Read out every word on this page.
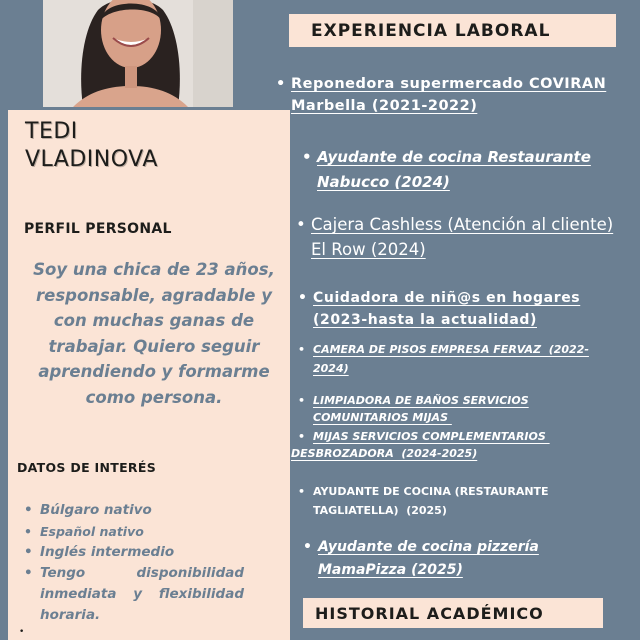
TEDI
VLADINOVA
PERFIL PERSONAL
Soy una chica de 23 años, responsable, agradable y con muchas ganas de trabajar. Quiero seguir aprendiendo y formarme como persona.
DATOS DE INTERÉS
• Búlgaro nativo
• Español nativo
• Inglés intermedio
• Tengo disponibilidad inmediata y flexibilidad horaria.
•
EXPERIENCIA LABORAL
• Reponedora supermercado COVIRAN
Marbella (2021-2022)
• Ayudante de cocina Restaurante
Nabucco (2024)
• Cajera Cashless (Atención al cliente)
El Row (2024)
• Cuidadora de niñ@s en hogares
(2023-hasta la actualidad)
• CAMERA DE PISOS EMPRESA FERVAZ  (2022-
2024)
• LIMPIADORA DE BAÑOS SERVICIOS
COMUNITARIOS MIJAS
• MIJAS SERVICIOS COMPLEMENTARIOS
DESBROZADORA  (2024-2025)
• AYUDANTE DE COCINA (RESTAURANTE
TAGLIATELLA)  (2025)
• Ayudante de cocina pizzería
MamaPizza (2025)
HISTORIAL ACADÉMICO
